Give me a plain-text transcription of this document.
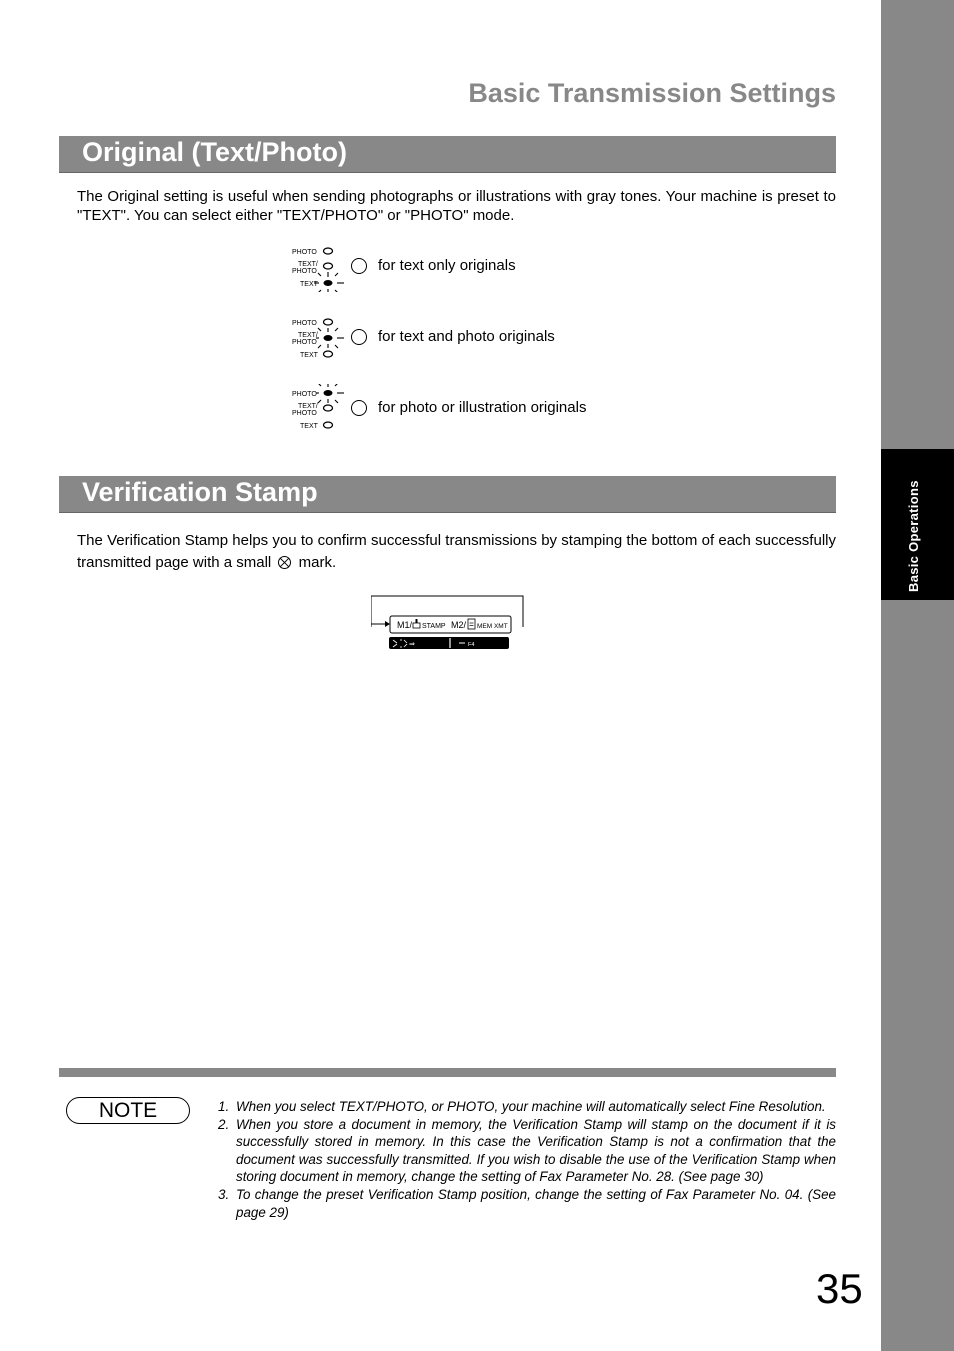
Basic Operations
Basic Transmission Settings
Original (Text/Photo)
The Original setting is useful when sending photographs or illustrations with gray tones. Your machine is preset to "TEXT". You can select either "TEXT/PHOTO" or "PHOTO" mode.
PHOTO
TEXT/
PHOTO
TEXT
for text only originals
PHOTO
TEXT/
PHOTO
TEXT
for text and photo originals
PHOTO
TEXT/
PHOTO
TEXT
for photo or illustration originals
Verification Stamp
The Verification Stamp helps you to confirm successful transmissions by stamping the bottom of each successfully transmitted page with a small mark.
M1/ STAMP M2/ MEM XMT
⇒	F4
NOTE	1. When you select TEXT/PHOTO, or PHOTO, your machine will automatically select Fine Resolution.
2. When you store a document in memory, the Verification Stamp will stamp on the document if it is successfully stored in memory. In this case the Verification Stamp is not a confirmation that the document was successfully transmitted. If you wish to disable the use of the Verification Stamp when storing document in memory, change the setting of Fax Parameter No. 28. (See page 30)
3. To change the preset Verification Stamp position, change the setting of Fax Parameter No. 04. (See page 29)
35
